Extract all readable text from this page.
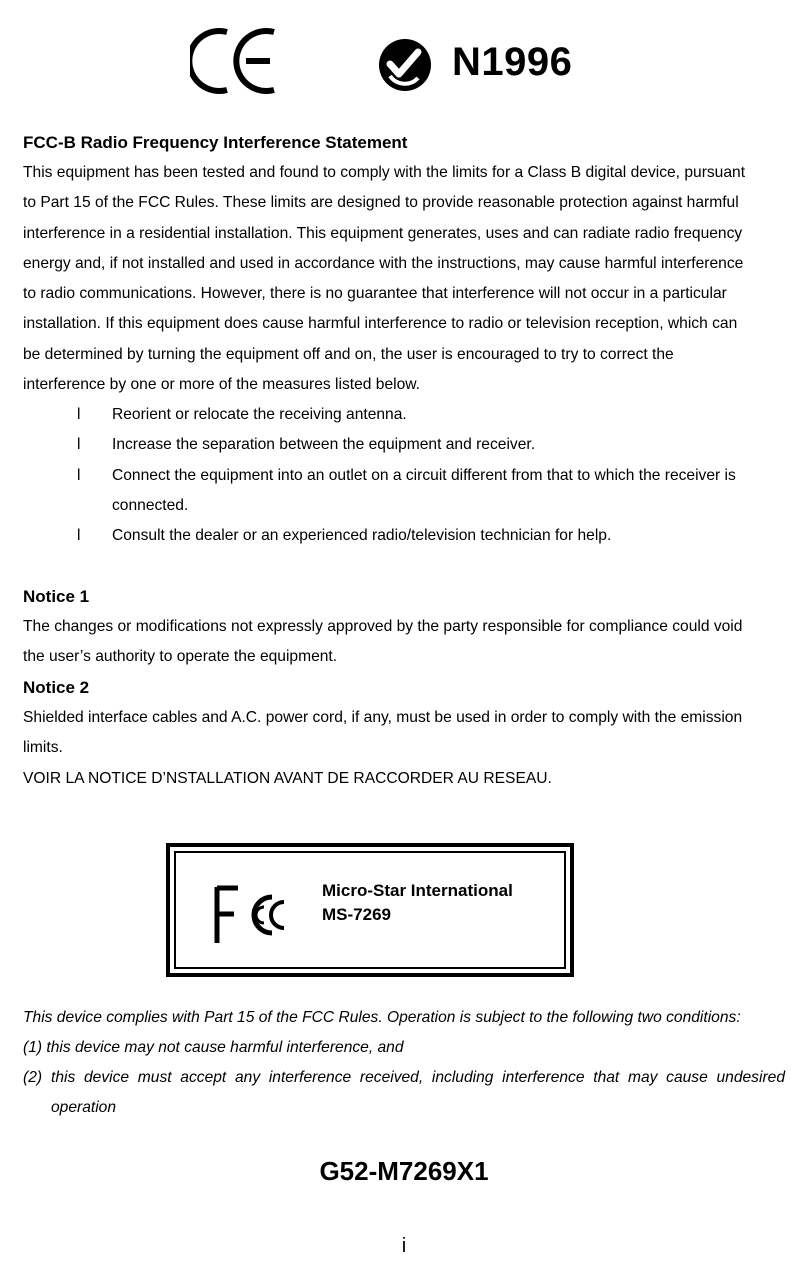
N1996
FCC-B Radio Frequency Interference Statement
This equipment has been tested and found to comply with the limits for a Class B digital device, pursuant
to Part 15 of the FCC Rules. These limits are designed to provide reasonable protection against harmful
interference in a residential installation. This equipment generates, uses and can radiate radio frequency
energy and, if not installed and used in accordance with the instructions, may cause harmful interference
to radio communications. However, there is no guarantee that interference will not occur in a particular
installation. If this equipment does cause harmful interference to radio or television reception, which can
be determined by turning the equipment off and on, the user is encouraged to try to correct the
interference by one or more of the measures listed below.
l	Reorient or relocate the receiving antenna.
l	Increase the separation between the equipment and receiver.
l	Connect the equipment into an outlet on a circuit different from that to which the receiver is connected.
l	Consult the dealer or an experienced radio/television technician for help.
Notice 1
The changes or modifications not expressly approved by the party responsible for compliance could void
the user’s authority to operate the equipment.
Notice 2
Shielded interface cables and A.C. power cord, if any, must be used in order to comply with the emission
limits.
VOIR LA NOTICE D’NSTALLATION AVANT DE RACCORDER AU RESEAU.
Micro-Star International
MS-7269
This device complies with Part 15 of the FCC Rules. Operation is subject to the following two conditions:
(1) this device may not cause harmful interference, and
(2) this device must accept any interference received, including interference that may cause undesired operation
G52-M7269X1
i
